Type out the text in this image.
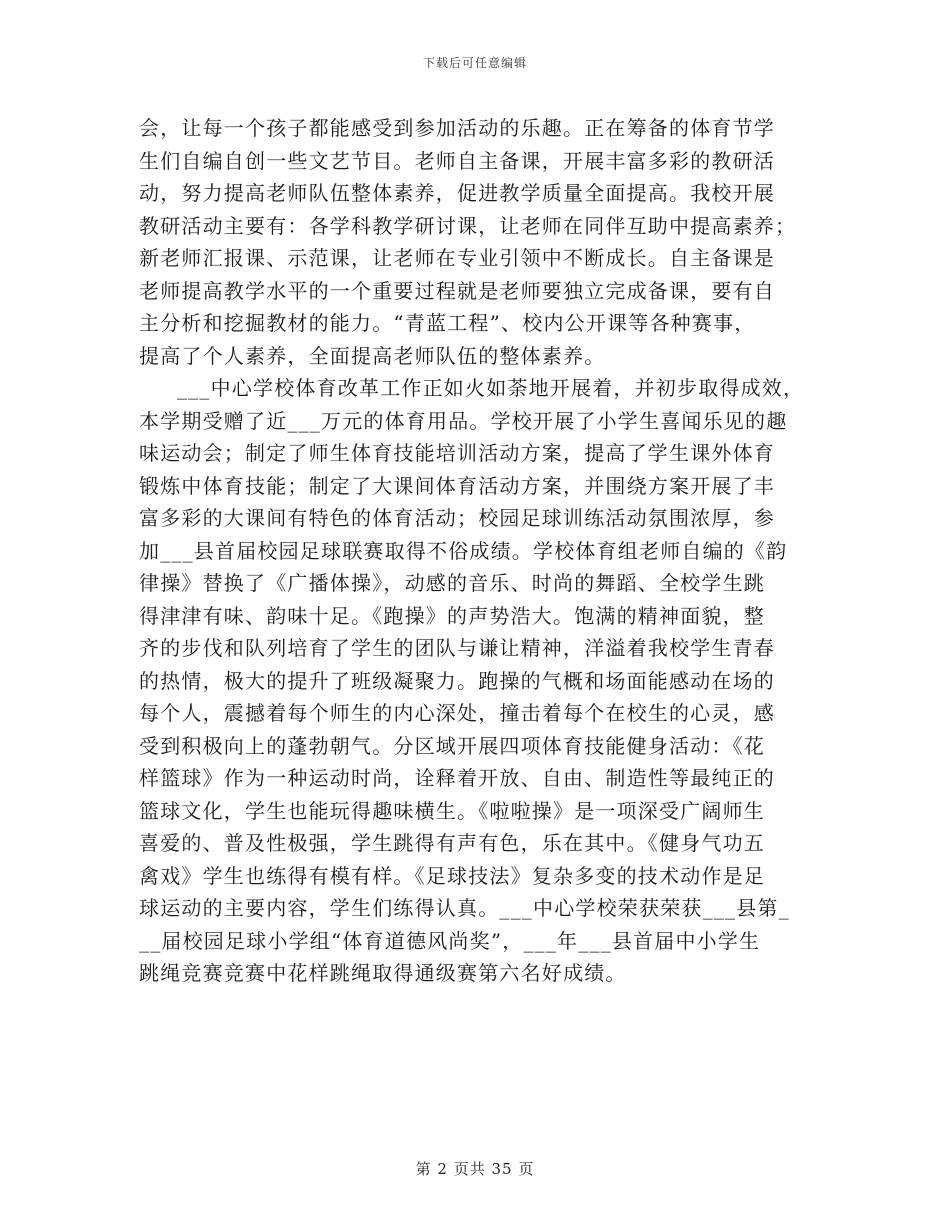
下载后可任意编辑
会，让每一个孩子都能感受到参加活动的乐趣。正在筹备的体育节学
生们自编自创一些文艺节目。老师自主备课，开展丰富多彩的教研活
动，努力提高老师队伍整体素养，促进教学质量全面提高。我校开展
教研活动主要有：各学科教学研讨课，让老师在同伴互助中提高素养；
新老师汇报课、示范课，让老师在专业引领中不断成长。自主备课是
老师提高教学水平的一个重要过程就是老师要独立完成备课，要有自
主分析和挖掘教材的能力。“青蓝工程”、校内公开课等各种赛事，
提高了个人素养，全面提高老师队伍的整体素养。
___中心学校体育改革工作正如火如荼地开展着，并初步取得成效，
本学期受赠了近___万元的体育用品。学校开展了小学生喜闻乐见的趣
味运动会；制定了师生体育技能培训活动方案，提高了学生课外体育
锻炼中体育技能；制定了大课间体育活动方案，并围绕方案开展了丰
富多彩的大课间有特色的体育活动；校园足球训练活动氛围浓厚，参
加___县首届校园足球联赛取得不俗成绩。学校体育组老师自编的《韵
律操》替换了《广播体操》，动感的音乐、时尚的舞蹈、全校学生跳
得津津有味、韵味十足。《跑操》的声势浩大。饱满的精神面貌，整
齐的步伐和队列培育了学生的团队与谦让精神，洋溢着我校学生青春
的热情，极大的提升了班级凝聚力。跑操的气概和场面能感动在场的
每个人，震撼着每个师生的内心深处，撞击着每个在校生的心灵，感
受到积极向上的蓬勃朝气。分区域开展四项体育技能健身活动：《花
样篮球》作为一种运动时尚，诠释着开放、自由、制造性等最纯正的
篮球文化，学生也能玩得趣味横生。《啦啦操》是一项深受广阔师生
喜爱的、普及性极强，学生跳得有声有色，乐在其中。《健身气功五
禽戏》学生也练得有模有样。《足球技法》复杂多变的技术动作是足
球运动的主要内容，学生们练得认真。___中心学校荣获荣获___县第_
__届校园足球小学组“体育道德风尚奖”，___年___县首届中小学生
跳绳竞赛竞赛中花样跳绳取得通级赛第六名好成绩。
第 2 页共 35 页
